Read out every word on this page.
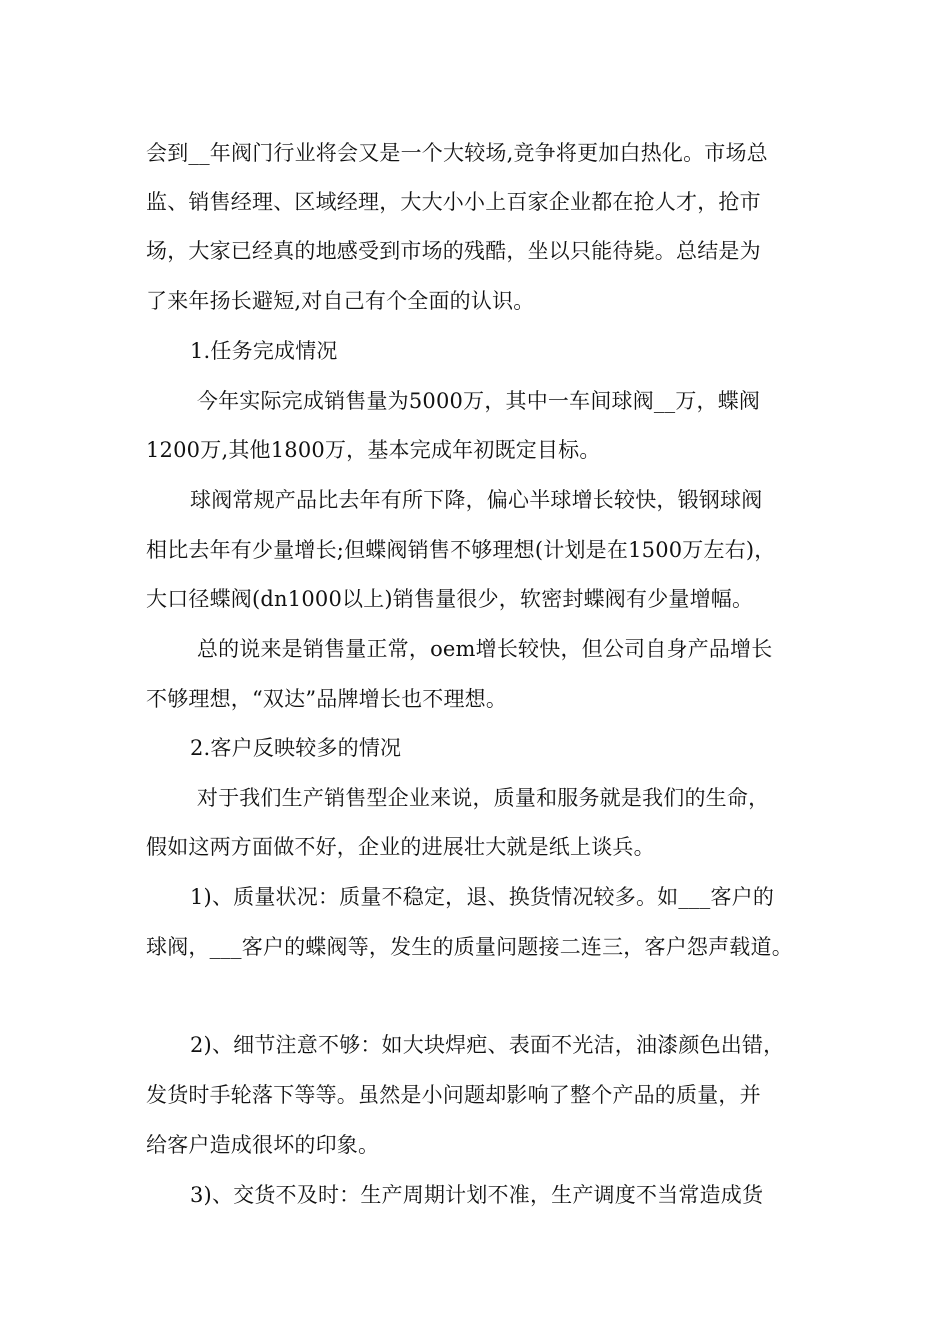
会到__年阀门行业将会又是一个大较场,竞争将更加白热化。市场总
监、销售经理、区域经理，大大小小上百家企业都在抢人才，抢市
场，大家已经真的地感受到市场的残酷，坐以只能待毙。总结是为
了来年扬长避短,对自己有个全面的认识。
1.任务完成情况
今年实际完成销售量为5000万，其中一车间球阀__万，蝶阀
1200万,其他1800万，基本完成年初既定目标。
球阀常规产品比去年有所下降，偏心半球增长较快，锻钢球阀
相比去年有少量增长;但蝶阀销售不够理想(计划是在1500万左右)，
大口径蝶阀(dn1000以上)销售量很少，软密封蝶阀有少量增幅。
总的说来是销售量正常，oem增长较快，但公司自身产品增长
不够理想，“双达”品牌增长也不理想。
2.客户反映较多的情况
对于我们生产销售型企业来说，质量和服务就是我们的生命，
假如这两方面做不好，企业的进展壮大就是纸上谈兵。
1)、质量状况：质量不稳定，退、换货情况较多。如___客户的
球阀，___客户的蝶阀等，发生的质量问题接二连三，客户怨声载道。
2)、细节注意不够：如大块焊疤、表面不光洁，油漆颜色出错，
发货时手轮落下等等。虽然是小问题却影响了整个产品的质量，并
给客户造成很坏的印象。
3)、交货不及时：生产周期计划不准，生产调度不当常造成货
